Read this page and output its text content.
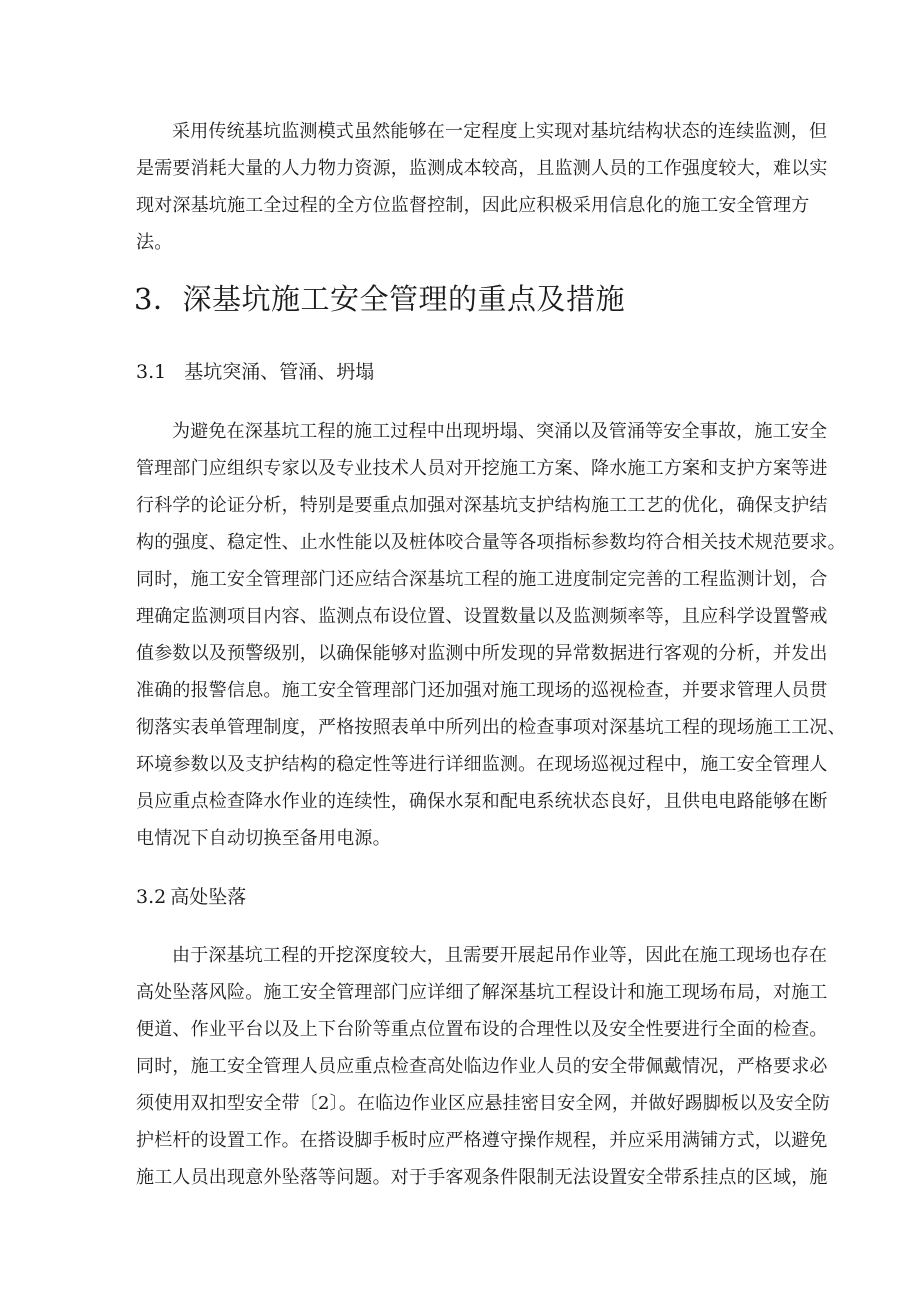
采用传统基坑监测模式虽然能够在一定程度上实现对基坑结构状态的连续监测，但
是需要消耗大量的人力物力资源，监测成本较高，且监测人员的工作强度较大，难以实
现对深基坑施工全过程的全方位监督控制，因此应积极采用信息化的施工安全管理方
法。
3．深基坑施工安全管理的重点及措施
3.1 基坑突涌、管涌、坍塌
为避免在深基坑工程的施工过程中出现坍塌、突涌以及管涌等安全事故，施工安全
管理部门应组织专家以及专业技术人员对开挖施工方案、降水施工方案和支护方案等进
行科学的论证分析，特别是要重点加强对深基坑支护结构施工工艺的优化，确保支护结
构的强度、稳定性、止水性能以及桩体咬合量等各项指标参数均符合相关技术规范要求。
同时，施工安全管理部门还应结合深基坑工程的施工进度制定完善的工程监测计划，合
理确定监测项目内容、监测点布设位置、设置数量以及监测频率等，且应科学设置警戒
值参数以及预警级别，以确保能够对监测中所发现的异常数据进行客观的分析，并发出
准确的报警信息。施工安全管理部门还加强对施工现场的巡视检查，并要求管理人员贯
彻落实表单管理制度，严格按照表单中所列出的检查事项对深基坑工程的现场施工工况、
环境参数以及支护结构的稳定性等进行详细监测。在现场巡视过程中，施工安全管理人
员应重点检查降水作业的连续性，确保水泵和配电系统状态良好，且供电电路能够在断
电情况下自动切换至备用电源。
3.2 高处坠落
由于深基坑工程的开挖深度较大，且需要开展起吊作业等，因此在施工现场也存在
高处坠落风险。施工安全管理部门应详细了解深基坑工程设计和施工现场布局，对施工
便道、作业平台以及上下台阶等重点位置布设的合理性以及安全性要进行全面的检查。
同时，施工安全管理人员应重点检查高处临边作业人员的安全带佩戴情况，严格要求必
须使用双扣型安全带〔2〕。在临边作业区应悬挂密目安全网，并做好踢脚板以及安全防
护栏杆的设置工作。在搭设脚手板时应严格遵守操作规程，并应采用满铺方式，以避免
施工人员出现意外坠落等问题。对于手客观条件限制无法设置安全带系挂点的区域，施
